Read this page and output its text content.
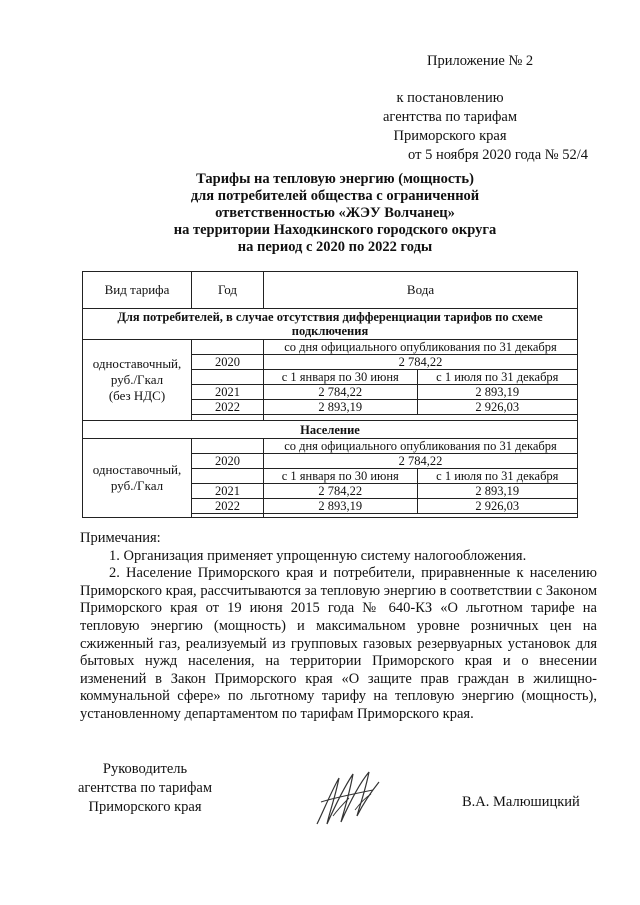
Приложение № 2
к постановлению
агентства по тарифам
Приморского края
от 5 ноября 2020 года № 52/4
Тарифы на тепловую энергию (мощность)
для потребителей общества с ограниченной
ответственностью «ЖЭУ Волчанец»
на территории Находкинского городского округа
на период с 2020 по 2022 годы
Вид тарифа	Год	Вода	
Для потребителей, в случае отсутствия дифференциации тарифов по схеме подключения			

одноставочный,
руб./Гкал
(без НДС)		со дня официального опубликования по 31 декабря	
	2020	2 784,22	
		с 1 января по 30 июня	с 1 июля по 31 декабря
	2021	2 784,22	2 893,19
	2022	2 893,19	2 926,03

Население			

одноставочный,
руб./Гкал		со дня официального опубликования по 31 декабря	
	2020	2 784,22	
		с 1 января по 30 июня	с 1 июля по 31 декабря
	2021	2 784,22	2 893,19
	2022	2 893,19	2 926,03

Примечания:

1. Организация применяет упрощенную систему налогообложения.

2. Население Приморского края и потребители, приравненные к населению Приморского края, рассчитываются за тепловую энергию в соответствии с Законом Приморского края от 19 июня 2015 года № 640-КЗ «О льготном тарифе на тепловую энергию (мощность) и максимальном уровне розничных цен на сжиженный газ, реализуемый из групповых газовых резервуарных установок для бытовых нужд населения, на территории Приморского края и о внесении изменений в Закон Приморского края «О защите прав граждан в жилищно-коммунальной сфере» по льготному тарифу на тепловую энергию (мощность), установленному департаментом по тарифам Приморского края.

Руководитель
агентства по тарифам
Приморского края	В.А. Малюшицкий
